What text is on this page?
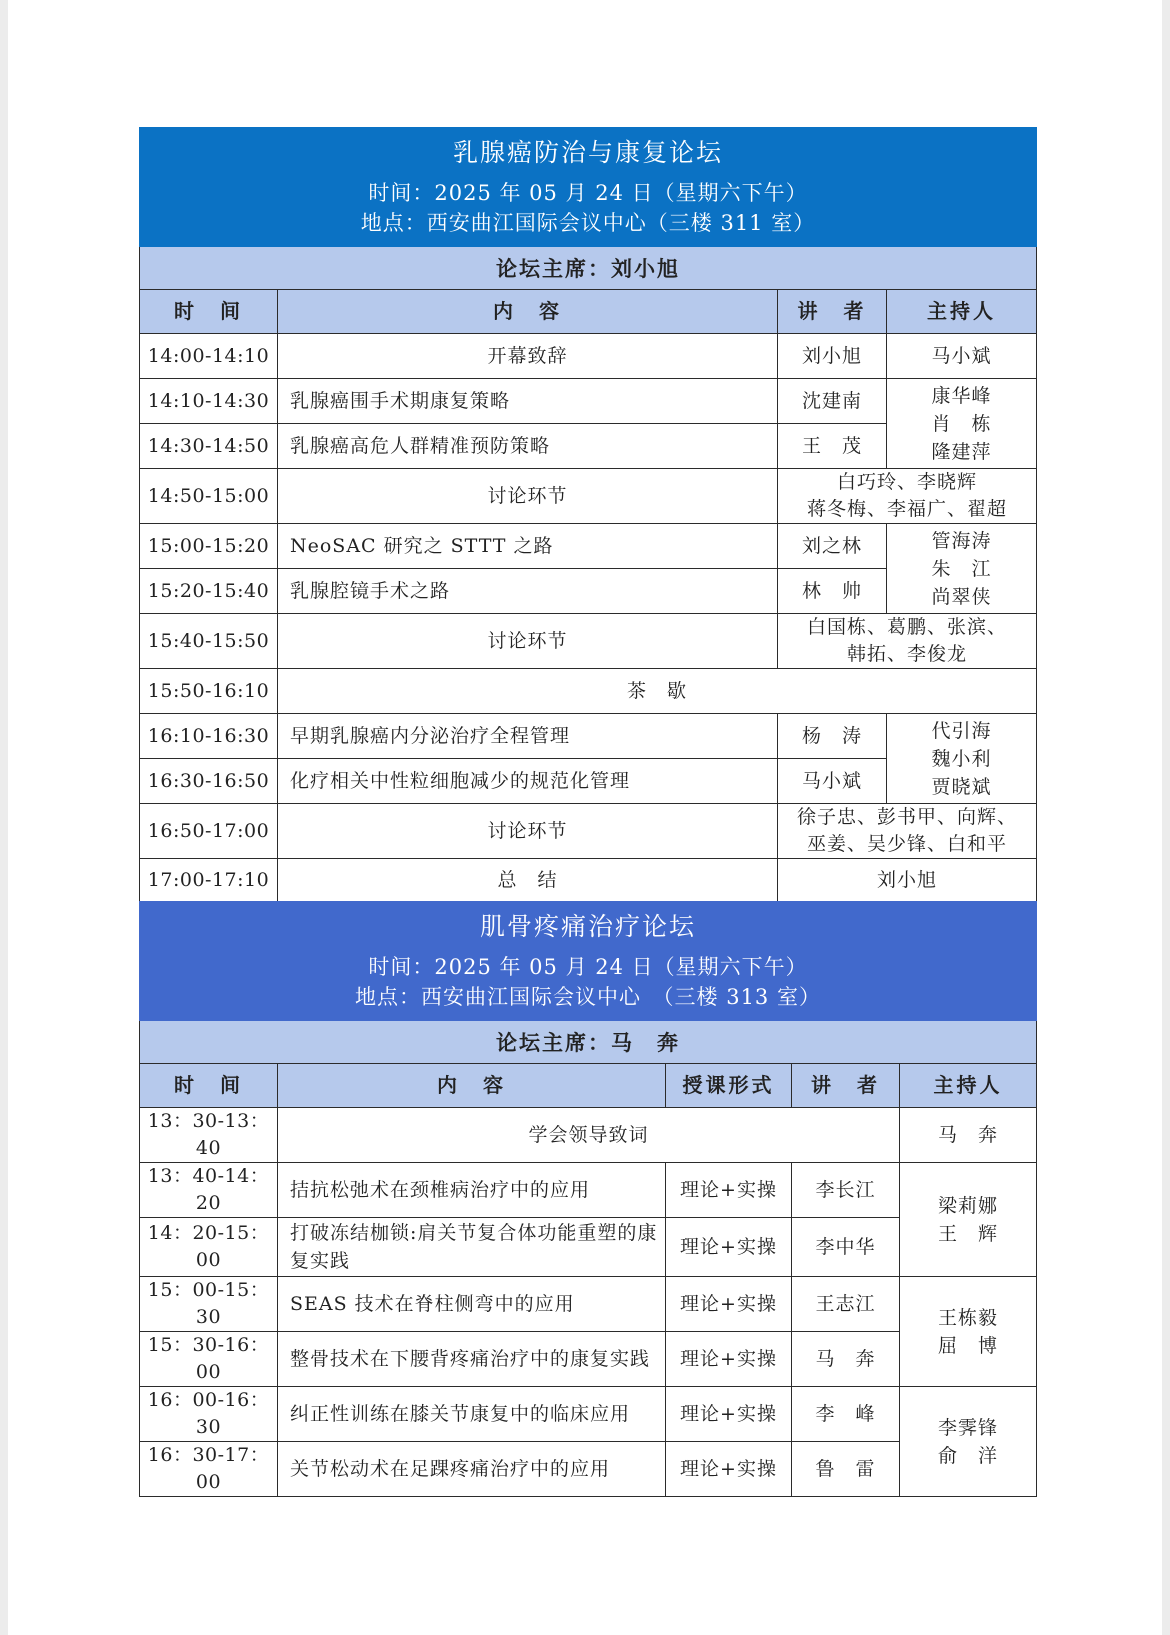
乳腺癌防治与康复论坛
时间：2025 年 05 月 24 日（星期六下午）
地点：西安曲江国际会议中心（三楼 311 室）			

论坛主席：刘小旭			
时　间	内　容	讲　者	主持人
14:00-14:10	开幕致辞	刘小旭	马小斌
14:10-14:30	乳腺癌围手术期康复策略	沈建南	康华峰
肖　栋
隆建萍

14:30-14:50	乳腺癌高危人群精准预防策略	王　茂	
14:50-15:00	讨论环节	白巧玲、李晓辉
蒋冬梅、李福广、翟超	

15:00-15:20	NeoSAC 研究之 STTT 之路	刘之林	管海涛
朱　江
尚翠侠

15:20-15:40	乳腺腔镜手术之路	林　帅	
15:40-15:50	讨论环节	白国栋、葛鹏、张滨、
韩拓、李俊龙	

15:50-16:10	茶　歇		
16:10-16:30	早期乳腺癌内分泌治疗全程管理	杨　涛	代引海
魏小利
贾晓斌

16:30-16:50	化疗相关中性粒细胞减少的规范化管理	马小斌	
16:50-17:00	讨论环节	徐子忠、彭书甲、向辉、
巫姜、吴少锋、白和平	

17:00-17:10	总　结	刘小旭	
肌骨疼痛治疗论坛
时间：2025 年 05 月 24 日（星期六下午）
地点：西安曲江国际会议中心　（三楼 313 室）				

论坛主席：马　奔				
时　间	内　容	授课形式	讲　者	主持人
13：30-13：40	学会领导致词			马　奔
13：40-14：20	拮抗松弛术在颈椎病治疗中的应用	理论+实操	李长江	梁莉娜
王　辉

14：20-15：00	打破冻结枷锁:肩关节复合体功能重塑的康
复实践	理论+实操	李中华	
15：00-15：30	SEAS 技术在脊柱侧弯中的应用	理论+实操	王志江	王栋毅
屈　博

15：30-16：00	整骨技术在下腰背疼痛治疗中的康复实践	理论+实操	马　奔	
16：00-16：30	纠正性训练在膝关节康复中的临床应用	理论+实操	李　峰	李霁锋
俞　洋

16：30-17：00	关节松动术在足踝疼痛治疗中的应用	理论+实操	鲁　雷	
